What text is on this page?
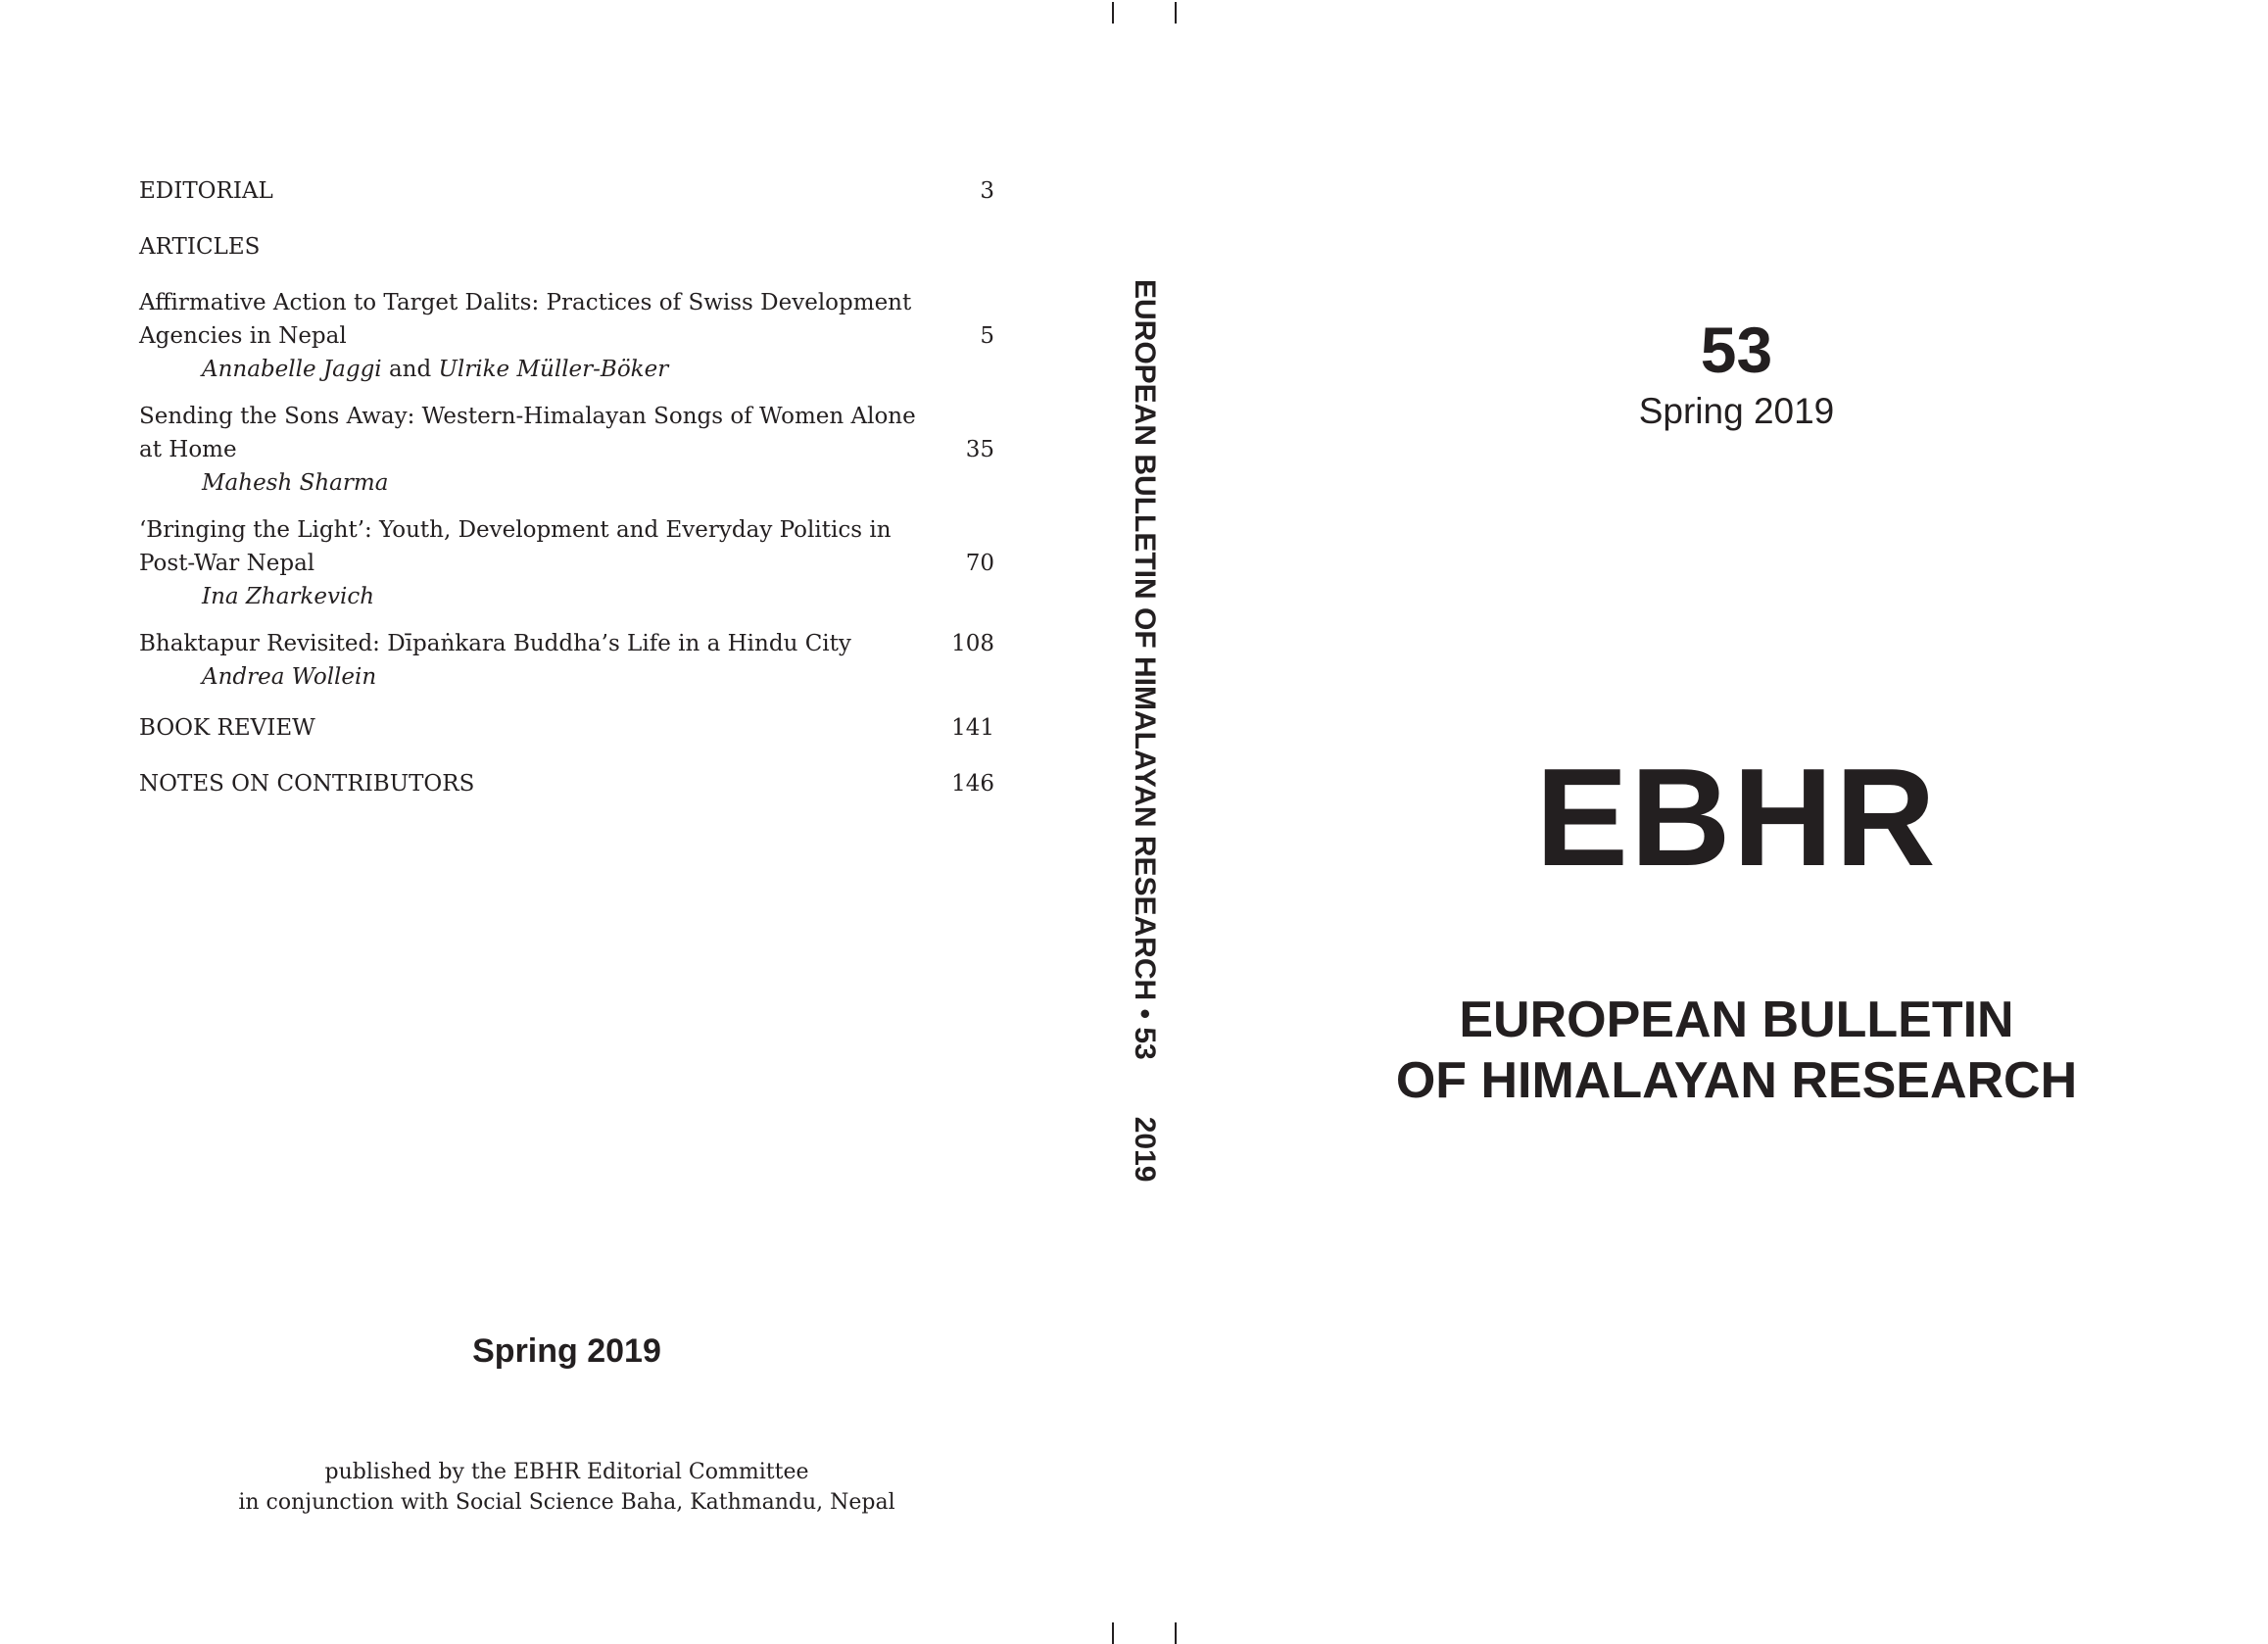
EDITORIAL	3
ARTICLES
Affirmative Action to Target Dalits: Practices of Swiss Development
Agencies in Nepal	5
Annabelle Jaggi and Ulrike Müller-Böker
Sending the Sons Away: Western-Himalayan Songs of Women Alone
at Home	35
Mahesh Sharma
‘Bringing the Light’: Youth, Development and Everyday Politics in
Post-War Nepal	70
Ina Zharkevich
Bhaktapur Revisited: Dīpaṅkara Buddha’s Life in a Hindu City	108
Andrea Wollein
BOOK REVIEW	141
NOTES ON CONTRIBUTORS	146
Spring 2019
published by the EBHR Editorial Committee
in conjunction with Social Science Baha, Kathmandu, Nepal
EUROPEAN BULLETIN OF HIMALAYAN RESEARCH • 53
2019
53
Spring 2019
EBHR
EUROPEAN BULLETIN
OF HIMALAYAN RESEARCH
